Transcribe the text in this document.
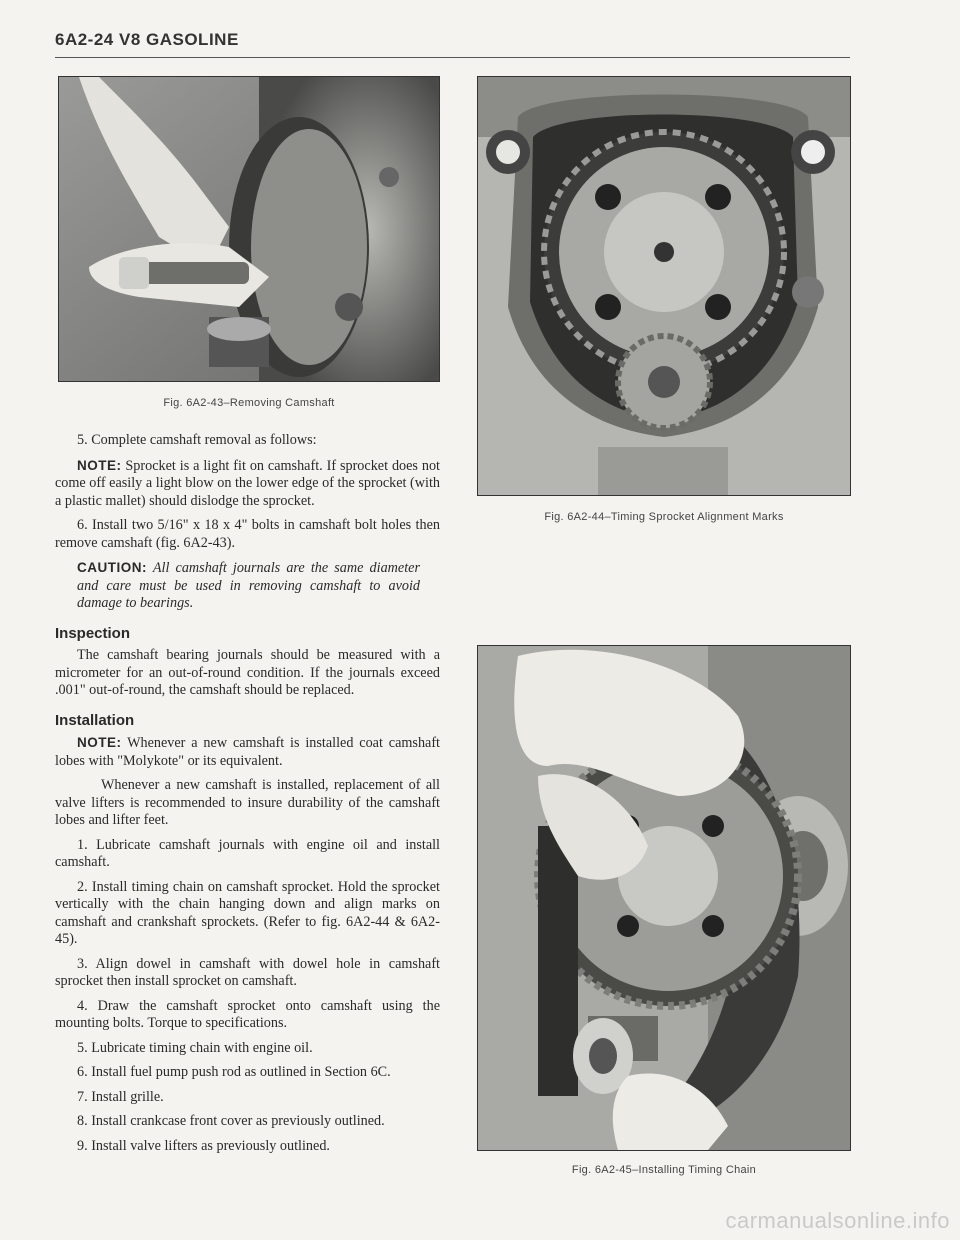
6A2-24 V8 GASOLINE
Fig. 6A2-43–Removing Camshaft
Fig. 6A2-44–Timing Sprocket Alignment Marks
Fig. 6A2-45–Installing Timing Chain

5. Complete camshaft removal as follows:

NOTE: Sprocket is a light fit on camshaft. If sprocket does not come off easily a light blow on the lower edge of the sprocket (with a plastic mallet) should dislodge the sprocket.

6. Install two 5/16" x 18 x 4" bolts in camshaft bolt holes then remove camshaft (fig. 6A2-43).

CAUTION: All camshaft journals are the same diameter and care must be used in removing camshaft to avoid damage to bearings.

Inspection

The camshaft bearing journals should be measured with a micrometer for an out-of-round condition. If the journals exceed .001" out-of-round, the camshaft should be replaced.

Installation

NOTE: Whenever a new camshaft is installed coat camshaft lobes with "Molykote" or its equivalent.

Whenever a new camshaft is installed, replacement of all valve lifters is recommended to insure durability of the camshaft lobes and lifter feet.

1. Lubricate camshaft journals with engine oil and install camshaft.

2. Install timing chain on camshaft sprocket. Hold the sprocket vertically with the chain hanging down and align marks on camshaft and crankshaft sprockets. (Refer to fig. 6A2-44 & 6A2-45).

3. Align dowel in camshaft with dowel hole in camshaft sprocket then install sprocket on camshaft.

4. Draw the camshaft sprocket onto camshaft using the mounting bolts. Torque to specifications.

5. Lubricate timing chain with engine oil.

6. Install fuel pump push rod as outlined in Section 6C.

7. Install grille.

8. Install crankcase front cover as previously outlined.

9. Install valve lifters as previously outlined.

carmanualsonline.info
